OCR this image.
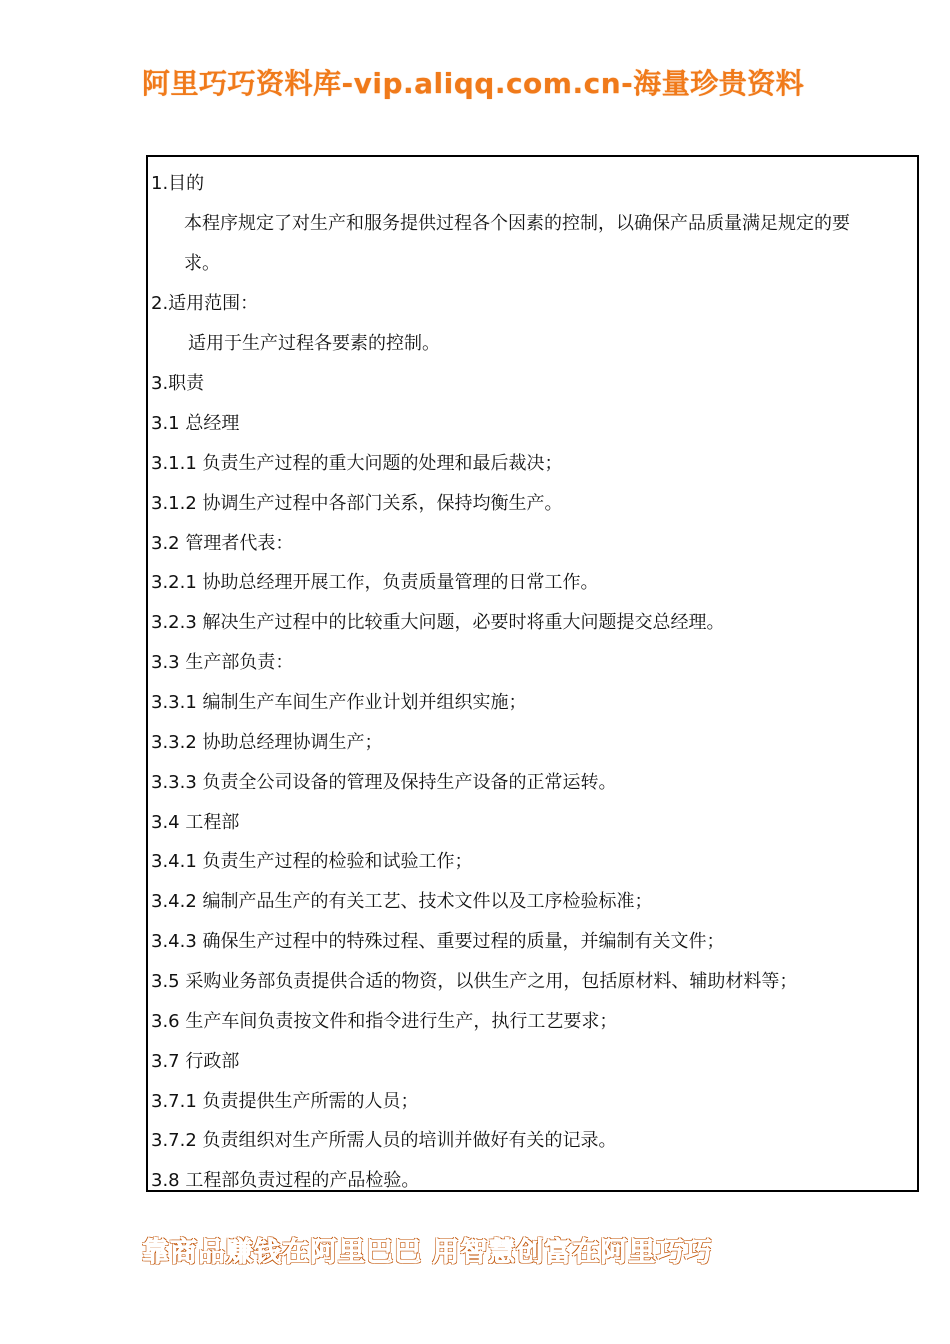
阿里巧巧资料库-vip.aliqq.com.cn-海量珍贵资料
1.目的
本程序规定了对生产和服务提供过程各个因素的控制，以确保产品质量满足规定的要
求。
2.适用范围：
适用于生产过程各要素的控制。
3.职责
3.1 总经理
3.1.1 负责生产过程的重大问题的处理和最后裁决；
3.1.2 协调生产过程中各部门关系，保持均衡生产。
3.2 管理者代表：
3.2.1 协助总经理开展工作，负责质量管理的日常工作。
3.2.3 解决生产过程中的比较重大问题，必要时将重大问题提交总经理。
3.3 生产部负责：
3.3.1 编制生产车间生产作业计划并组织实施；
3.3.2 协助总经理协调生产；
3.3.3 负责全公司设备的管理及保持生产设备的正常运转。
3.4 工程部
3.4.1 负责生产过程的检验和试验工作；
3.4.2 编制产品生产的有关工艺、技术文件以及工序检验标准；
3.4.3 确保生产过程中的特殊过程、重要过程的质量，并编制有关文件；
3.5 采购业务部负责提供合适的物资，以供生产之用，包括原材料、辅助材料等；
3.6 生产车间负责按文件和指令进行生产，执行工艺要求；
3.7 行政部
3.7.1 负责提供生产所需的人员；
3.7.2 负责组织对生产所需人员的培训并做好有关的记录。
3.8 工程部负责过程的产品检验。
靠商品赚钱在阿里巴巴 用智慧创富在阿里巧巧
